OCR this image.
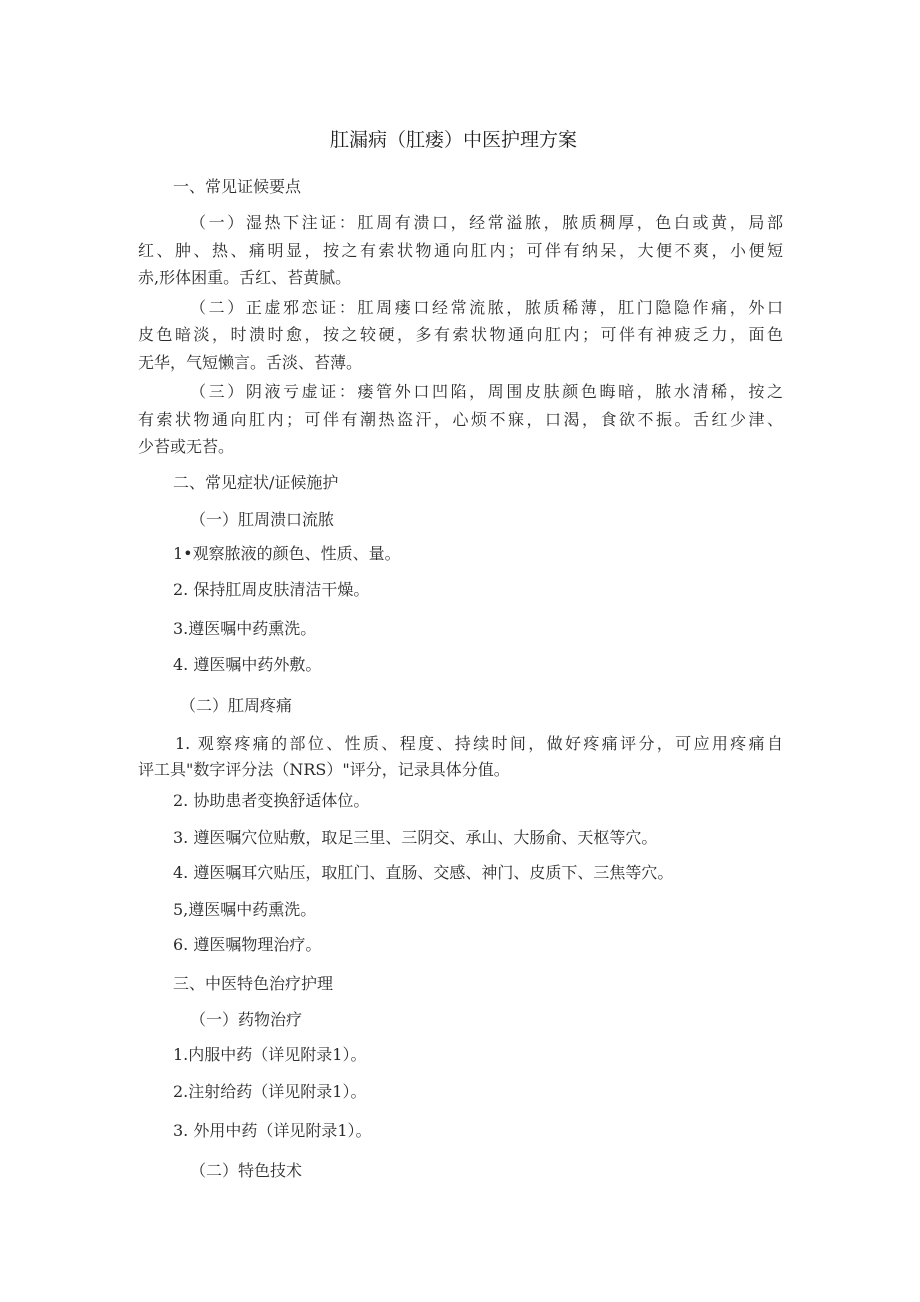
肛漏病（肛瘘）中医护理方案
一、常见证候要点
（一）湿热下注证：肛周有溃口，经常溢脓，脓质稠厚，色白或黄，局部
红、肿、热、痛明显，按之有索状物通向肛内；可伴有纳呆，大便不爽，小便短
赤,形体困重。舌红、苔黄腻。
（二）正虚邪恋证：肛周瘘口经常流脓，脓质稀薄，肛门隐隐作痛，外口
皮色暗淡，时溃时愈，按之较硬，多有索状物通向肛内；可伴有神疲乏力，面色
无华，气短懒言。舌淡、苔薄。
（三）阴液亏虚证：瘘管外口凹陷，周围皮肤颜色晦暗，脓水清稀，按之
有索状物通向肛内；可伴有潮热盗汗，心烦不寐，口渴，食欲不振。舌红少津、
少苔或无苔。
二、常见症状/证候施护
（一）肛周溃口流脓
1•观察脓液的颜色、性质、量。
2. 保持肛周皮肤清洁干燥。
3.遵医嘱中药熏洗。
4. 遵医嘱中药外敷。
（二）肛周疼痛
1. 观察疼痛的部位、性质、程度、持续时间，做好疼痛评分，可应用疼痛自
评工具"数字评分法（NRS）"评分，记录具体分值。
2. 协助患者变换舒适体位。
3. 遵医嘱穴位贴敷，取足三里、三阴交、承山、大肠俞、天枢等穴。
4. 遵医嘱耳穴贴压，取肛门、直肠、交感、神门、皮质下、三焦等穴。
5,遵医嘱中药熏洗。
6. 遵医嘱物理治疗。
三、中医特色治疗护理
（一）药物治疗
1.内服中药（详见附录1）。
2.注射给药（详见附录1）。
3. 外用中药（详见附录1）。
（二）特色技术
